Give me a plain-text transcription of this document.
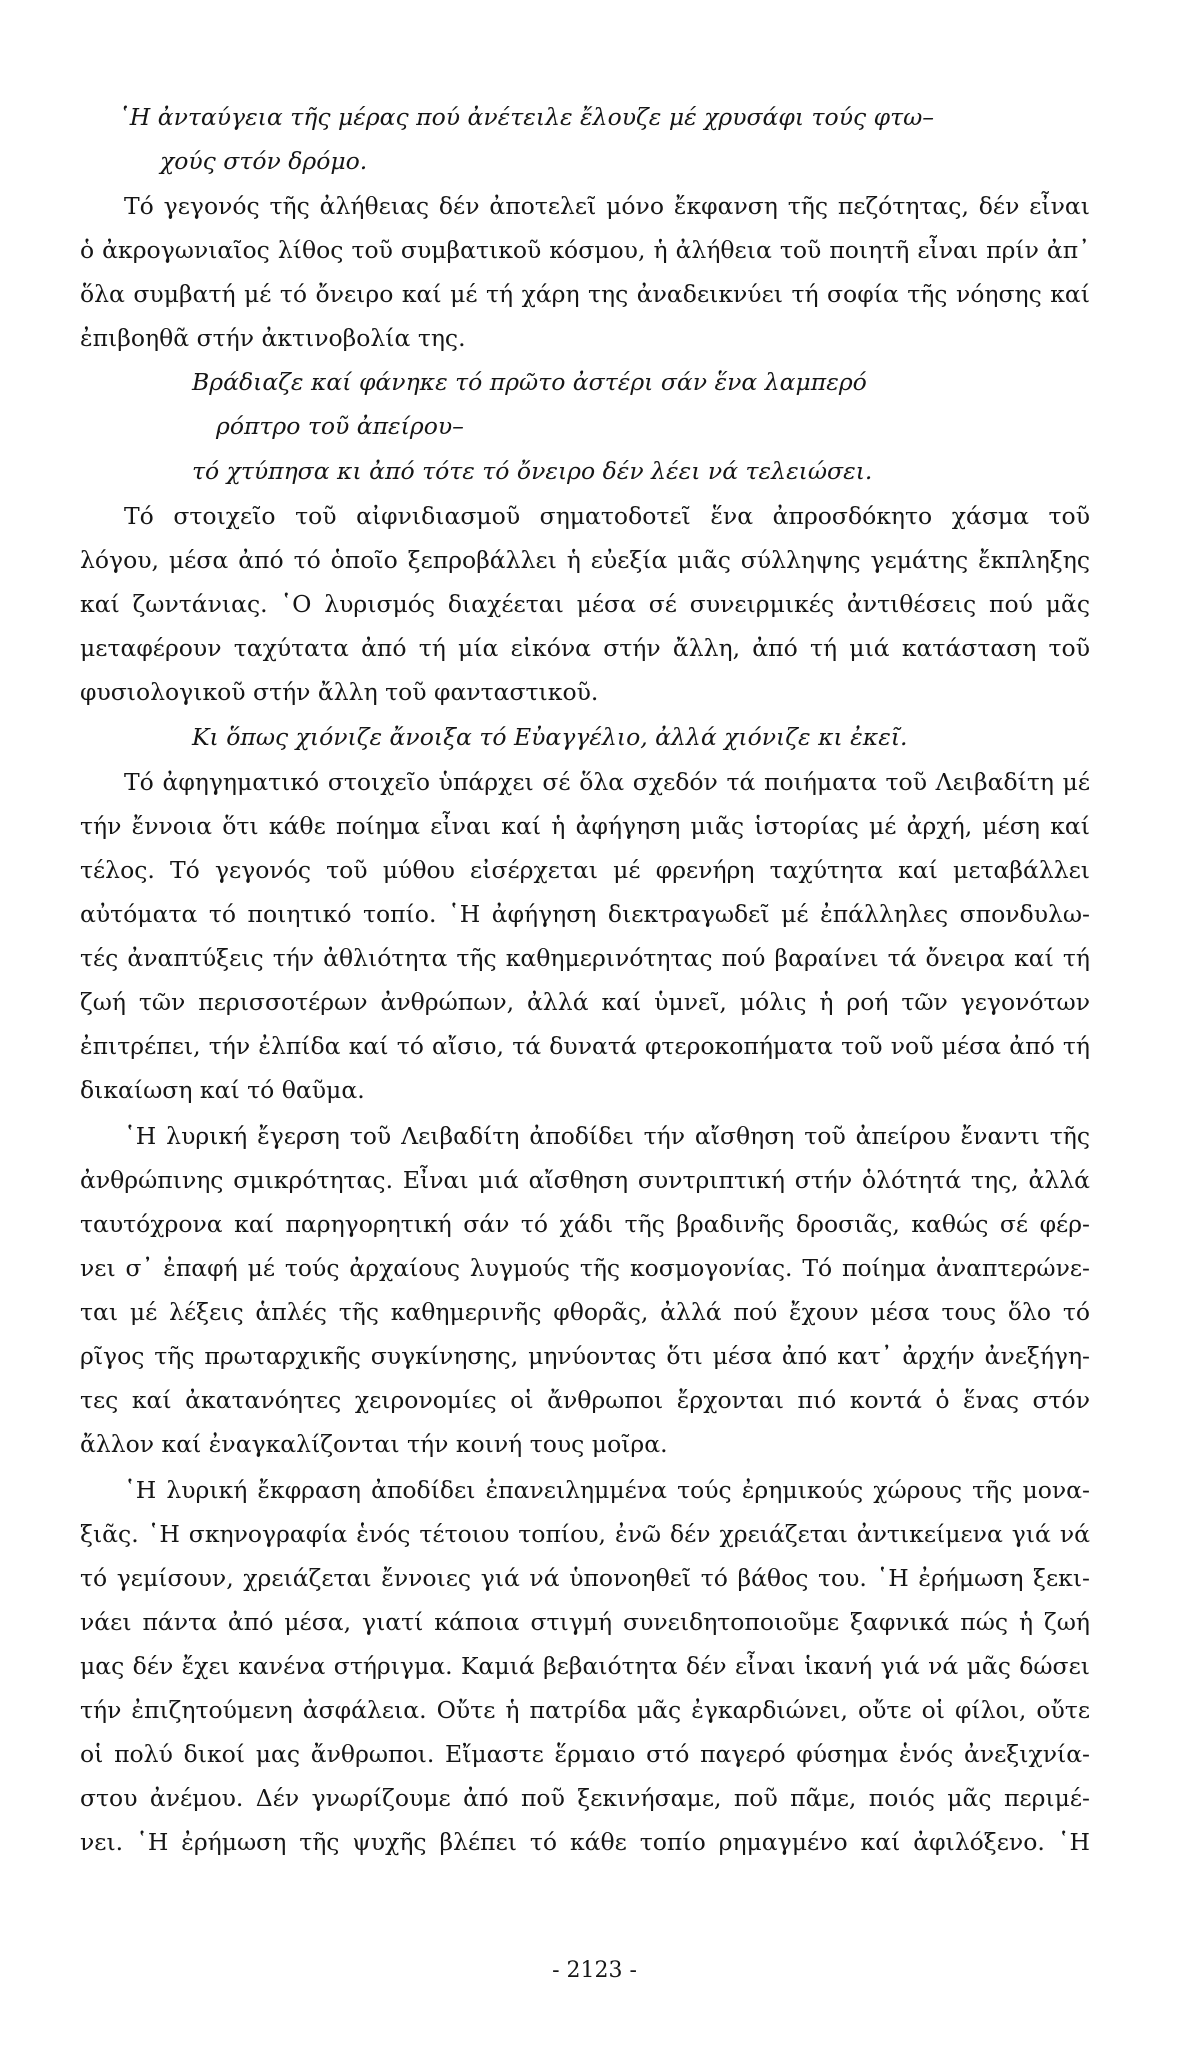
῾Η ἀνταύγεια τῆς μέρας πού ἀνέτειλε ἔλουζε μέ χρυσάφι τούς φτω–
χούς στόν δρόμο.
Τό γεγονός τῆς ἀλήθειας δέν ἀποτελεῖ μόνο ἔκφανση τῆς πεζότητας, δέν εἶναι
ὁ ἀκρογωνιαῖος λίθος τοῦ συμβατικοῦ κόσμου, ἡ ἀλήθεια τοῦ ποιητῆ εἶναι πρίν ἀπ᾿
ὅλα συμβατή μέ τό ὄνειρο καί μέ τή χάρη της ἀναδεικνύει τή σοφία τῆς νόησης καί
ἐπιβοηθᾶ στήν ἀκτινοβολία της.
Βράδιαζε καί φάνηκε τό πρῶτο ἀστέρι σάν ἕνα λαμπερό
ρόπτρο τοῦ ἀπείρου–
τό χτύπησα κι ἀπό τότε τό ὄνειρο δέν λέει νά τελειώσει.
Τό στοιχεῖο τοῦ αἰφνιδιασμοῦ σηματοδοτεῖ ἕνα ἀπροσδόκητο χάσμα τοῦ
λόγου, μέσα ἀπό τό ὁποῖο ξεπροβάλλει ἡ εὐεξία μιᾶς σύλληψης γεμάτης ἔκπληξης
καί ζωντάνιας. ῾Ο λυρισμός διαχέεται μέσα σέ συνειρμικές ἀντιθέσεις πού μᾶς
μεταφέρουν ταχύτατα ἀπό τή μία εἰκόνα στήν ἄλλη, ἀπό τή μιά κατάσταση τοῦ
φυσιολογικοῦ στήν ἄλλη τοῦ φανταστικοῦ.
Κι ὅπως χιόνιζε ἄνοιξα τό Εὐαγγέλιο, ἀλλά χιόνιζε κι ἐκεῖ.
Τό ἀφηγηματικό στοιχεῖο ὑπάρχει σέ ὅλα σχεδόν τά ποιήματα τοῦ Λειβαδίτη μέ
τήν ἔννοια ὅτι κάθε ποίημα εἶναι καί ἡ ἀφήγηση μιᾶς ἱστορίας μέ ἀρχή, μέση καί
τέλος. Τό γεγονός τοῦ μύθου εἰσέρχεται μέ φρενήρη ταχύτητα καί μεταβάλλει
αὐτόματα τό ποιητικό τοπίο. ῾Η ἀφήγηση διεκτραγωδεῖ μέ ἐπάλληλες σπονδυλω-
τές ἀναπτύξεις τήν ἀθλιότητα τῆς καθημερινότητας πού βαραίνει τά ὄνειρα καί τή
ζωή τῶν περισσοτέρων ἀνθρώπων, ἀλλά καί ὑμνεῖ, μόλις ἡ ροή τῶν γεγονότων
ἐπιτρέπει, τήν ἐλπίδα καί τό αἴσιο, τά δυνατά φτεροκοπήματα τοῦ νοῦ μέσα ἀπό τή
δικαίωση καί τό θαῦμα.
῾Η λυρική ἔγερση τοῦ Λειβαδίτη ἀποδίδει τήν αἴσθηση τοῦ ἀπείρου ἔναντι τῆς
ἀνθρώπινης σμικρότητας. Εἶναι μιά αἴσθηση συντριπτική στήν ὁλότητά της, ἀλλά
ταυτόχρονα καί παρηγορητική σάν τό χάδι τῆς βραδινῆς δροσιᾶς, καθώς σέ φέρ-
νει σ᾿ ἐπαφή μέ τούς ἀρχαίους λυγμούς τῆς κοσμογονίας. Τό ποίημα ἀναπτερώνε-
ται μέ λέξεις ἁπλές τῆς καθημερινῆς φθορᾶς, ἀλλά πού ἔχουν μέσα τους ὅλο τό
ρῖγος τῆς πρωταρχικῆς συγκίνησης, μηνύοντας ὅτι μέσα ἀπό κατ᾿ ἀρχήν ἀνεξήγη-
τες καί ἀκατανόητες χειρονομίες οἱ ἄνθρωποι ἔρχονται πιό κοντά ὁ ἕνας στόν
ἄλλον καί ἐναγκαλίζονται τήν κοινή τους μοῖρα.
῾Η λυρική ἔκφραση ἀποδίδει ἐπανειλημμένα τούς ἐρημικούς χώρους τῆς μονα-
ξιᾶς. ῾Η σκηνογραφία ἑνός τέτοιου τοπίου, ἐνῶ δέν χρειάζεται ἀντικείμενα γιά νά
τό γεμίσουν, χρειάζεται ἔννοιες γιά νά ὑπονοηθεῖ τό βάθος του. ῾Η ἐρήμωση ξεκι-
νάει πάντα ἀπό μέσα, γιατί κάποια στιγμή συνειδητοποιοῦμε ξαφνικά πώς ἡ ζωή
μας δέν ἔχει κανένα στήριγμα. Καμιά βεβαιότητα δέν εἶναι ἱκανή γιά νά μᾶς δώσει
τήν ἐπιζητούμενη ἀσφάλεια. Οὔτε ἡ πατρίδα μᾶς ἐγκαρδιώνει, οὔτε οἱ φίλοι, οὔτε
οἱ πολύ δικοί μας ἄνθρωποι. Εἴμαστε ἕρμαιο στό παγερό φύσημα ἑνός ἀνεξιχνία-
στου ἀνέμου. Δέν γνωρίζουμε ἀπό ποῦ ξεκινήσαμε, ποῦ πᾶμε, ποιός μᾶς περιμέ-
νει. ῾Η ἐρήμωση τῆς ψυχῆς βλέπει τό κάθε τοπίο ρημαγμένο καί ἀφιλόξενο. ῾Η
- 2123 -
